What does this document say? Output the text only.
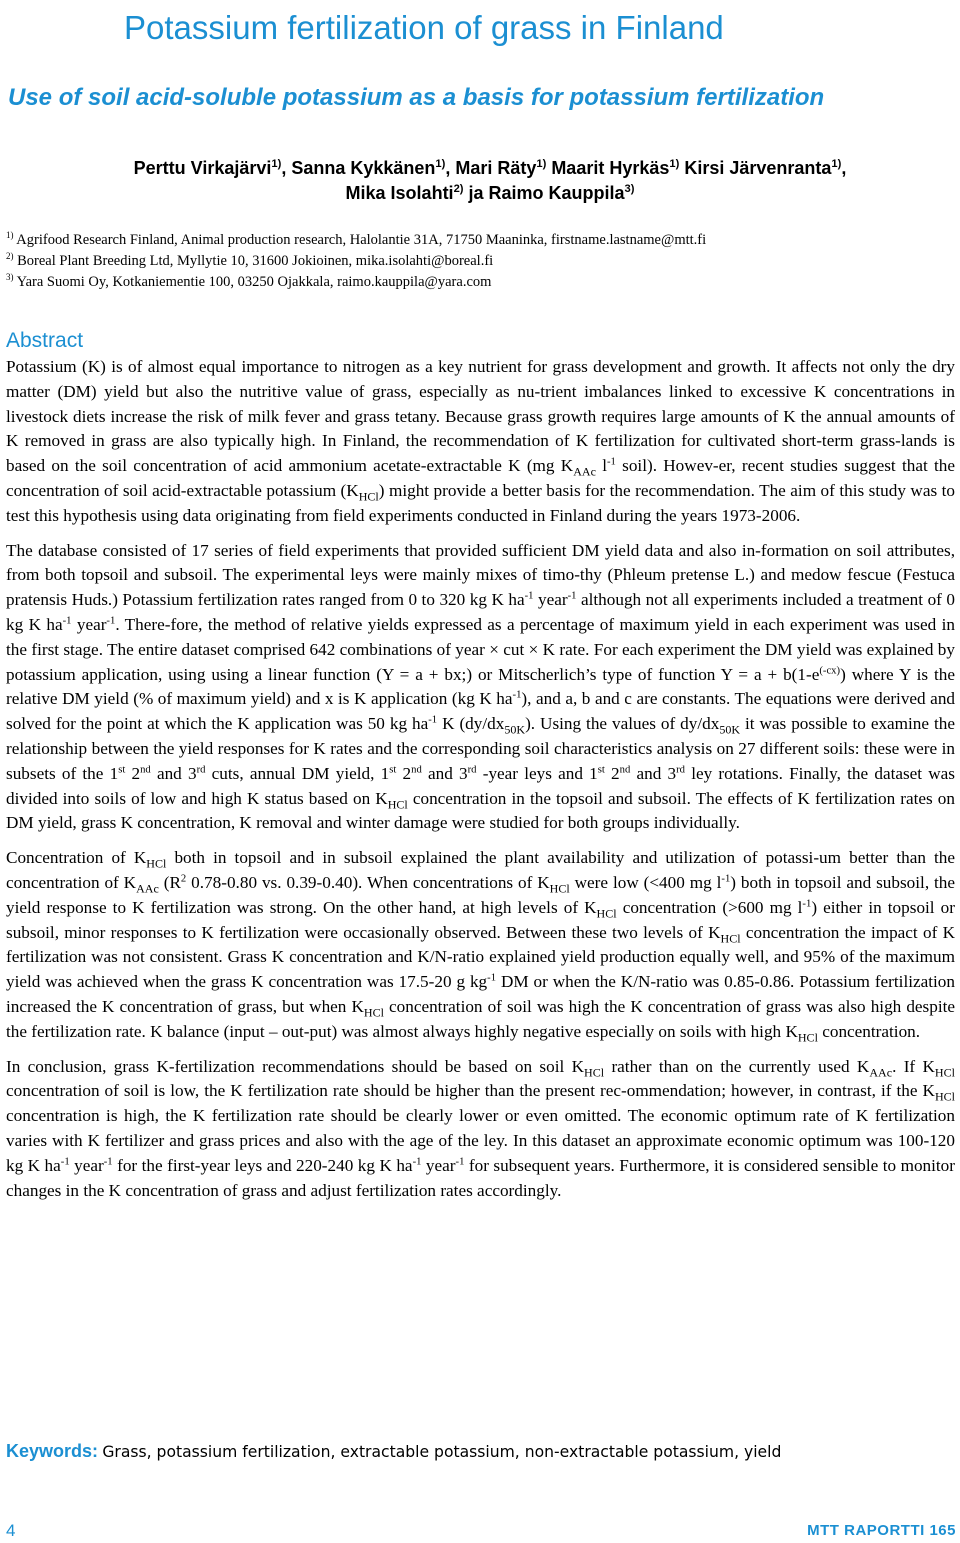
Potassium fertilization of grass in Finland
Use of soil acid-soluble potassium as a basis for potassium fertilization
Perttu Virkajärvi$^{1)}$, Sanna Kykkänen$^{1)}$, Mari Räty$^{1)}$ Maarit Hyrkäs$^{1)}$ Kirsi Järvenranta$^{1)}$,
Mika Isolahti$^{2)}$ ja Raimo Kauppila$^{3)}$
$^{1)}$ Agrifood Research Finland, Animal production research, Halolantie 31A, 71750 Maaninka, firstname.lastname@mtt.fi
$^{2)}$ Boreal Plant Breeding Ltd, Myllytie 10, 31600 Jokioinen, mika.isolahti@boreal.fi
$^{3)}$ Yara Suomi Oy, Kotkaniementie 100, 03250 Ojakkala, raimo.kauppila@yara.com
Abstract

Potassium (K) is of almost equal importance to nitrogen as a key nutrient for grass development and growth. It affects not only the dry matter (DM) yield but also the nutritive value of grass, especially as nu-trient imbalances linked to excessive K concentrations in livestock diets increase the risk of milk fever and grass tetany. Because grass growth requires large amounts of K the annual amounts of K removed in grass are also typically high. In Finland, the recommendation of K fertilization for cultivated short-term grass-lands is based on the soil concentration of acid ammonium acetate-extractable K (mg $K_{AAc}$ $l^{-1}$ soil). Howev-er, recent studies suggest that the concentration of soil acid-extractable potassium $(K_{HCl})$ might provide a better basis for the recommendation. The aim of this study was to test this hypothesis using data originating from field experiments conducted in Finland during the years 1973-2006.

The database consisted of 17 series of field experiments that provided sufficient DM yield data and also in-formation on soil attributes, from both topsoil and subsoil. The experimental leys were mainly mixes of timo-thy (Phleum pretense L.) and medow fescue (Festuca pratensis Huds.) Potassium fertilization rates ranged from 0 to 320 kg K $ha^{-1}$ year$^{-1}$ although not all experiments included a treatment of 0 kg K $ha^{-1}$ year$^{-1}$. There-fore, the method of relative yields expressed as a percentage of maximum yield in each experiment was used in the first stage. The entire dataset comprised 642 combinations of year × cut × K rate. For each experiment the DM yield was explained by potassium application, using using a linear function (Y = a + bx;) or Mitscherlich’s type of function $Y = a + b(1-e^{(-cx)})$ where Y is the relative DM yield (% of maximum yield) and x is K application (kg K $ha^{-1}$), and a, b and c are constants. The equations were derived and solved for the point at which the K application was 50 kg $ha^{-1}$ K $(dy/dx_{50K})$. Using the values of $dy/dx_{50K}$ it was possible to examine the relationship between the yield responses for K rates and the corresponding soil characteristics analysis on 27 different soils: these were in subsets of the 1st 2nd and 3rd cuts, annual DM yield, 1st 2nd and 3rd -year leys and 1st 2nd and 3rd ley rotations. Finally, the dataset was divided into soils of low and high K status based on $K_{HCl}$ concentration in the topsoil and subsoil. The effects of K fertilization rates on DM yield, grass K concentration, K removal and winter damage were studied for both groups individually.

Concentration of $K_{HCl}$ both in topsoil and in subsoil explained the plant availability and utilization of potassi-um better than the concentration of $K_{AAc}$ ($R^2$ 0.78-0.80 vs. 0.39-0.40). When concentrations of $K_{HCl}$ were low (<400 mg $l^{-1}$) both in topsoil and subsoil, the yield response to K fertilization was strong. On the other hand, at high levels of $K_{HCl}$ concentration (>600 mg $l^{-1}$) either in topsoil or subsoil, minor responses to K fertilization were occasionally observed. Between these two levels of $K_{HCl}$ concentration the impact of K fertilization was not consistent. Grass K concentration and K/N-ratio explained yield production equally well, and 95% of the maximum yield was achieved when the grass K concentration was 17.5-20 g $kg^{-1}$ DM or when the K/N-ratio was 0.85-0.86. Potassium fertilization increased the K concentration of grass, but when $K_{HCl}$ concentration of soil was high the K concentration of grass was also high despite the fertilization rate. K balance (input – out-put) was almost always highly negative especially on soils with high $K_{HCl}$ concentration.

In conclusion, grass K-fertilization recommendations should be based on soil $K_{HCl}$ rather than on the currently used $K_{AAc}$. If $K_{HCl}$ concentration of soil is low, the K fertilization rate should be higher than the present rec-ommendation; however, in contrast, if the $K_{HCl}$ concentration is high, the K fertilization rate should be clearly lower or even omitted. The economic optimum rate of K fertilization varies with K fertilizer and grass prices and also with the age of the ley. In this dataset an approximate economic optimum was 100-120 kg K $ha^{-1}$ year$^{-1}$ for the first-year leys and 220-240 kg K $ha^{-1}$ year$^{-1}$ for subsequent years. Furthermore, it is considered sensible to monitor changes in the K concentration of grass and adjust fertilization rates accordingly.

Keywords: Grass, potassium fertilization, extractable potassium, non-extractable potassium, yield
4	MTT RAPORTTI 165
